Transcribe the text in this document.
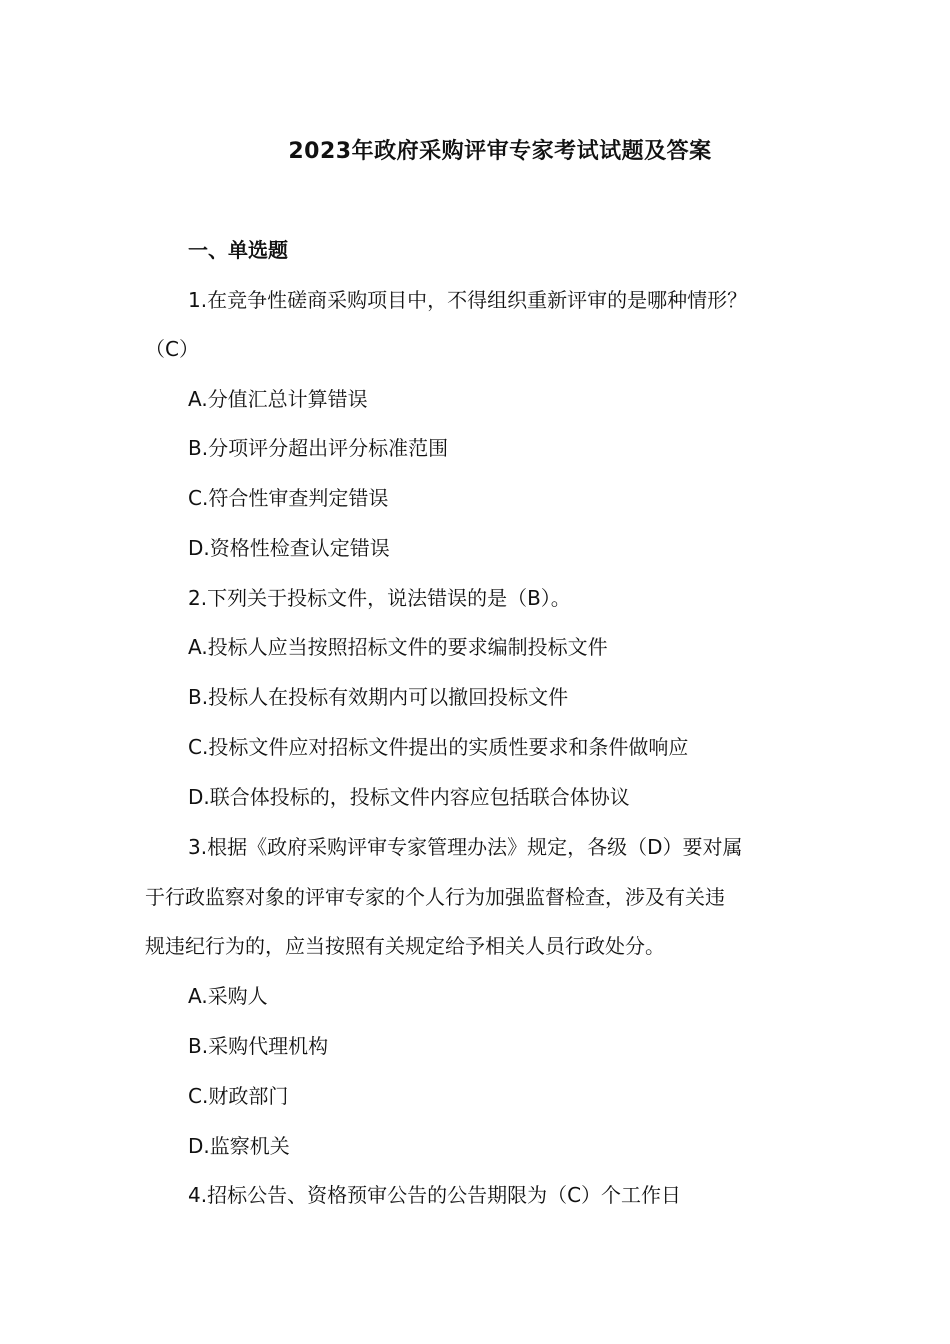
2023年政府采购评审专家考试试题及答案
一、单选题
1.在竞争性磋商采购项目中，不得组织重新评审的是哪种情形？
（C）
A.分值汇总计算错误
B.分项评分超出评分标准范围
C.符合性审查判定错误
D.资格性检查认定错误
2.下列关于投标文件，说法错误的是（B）。
A.投标人应当按照招标文件的要求编制投标文件
B.投标人在投标有效期内可以撤回投标文件
C.投标文件应对招标文件提出的实质性要求和条件做响应
D.联合体投标的，投标文件内容应包括联合体协议
3.根据《政府采购评审专家管理办法》规定，各级（D）要对属
于行政监察对象的评审专家的个人行为加强监督检查，涉及有关违
规违纪行为的，应当按照有关规定给予相关人员行政处分。
A.采购人
B.采购代理机构
C.财政部门
D.监察机关
4.招标公告、资格预审公告的公告期限为（C）个工作日
